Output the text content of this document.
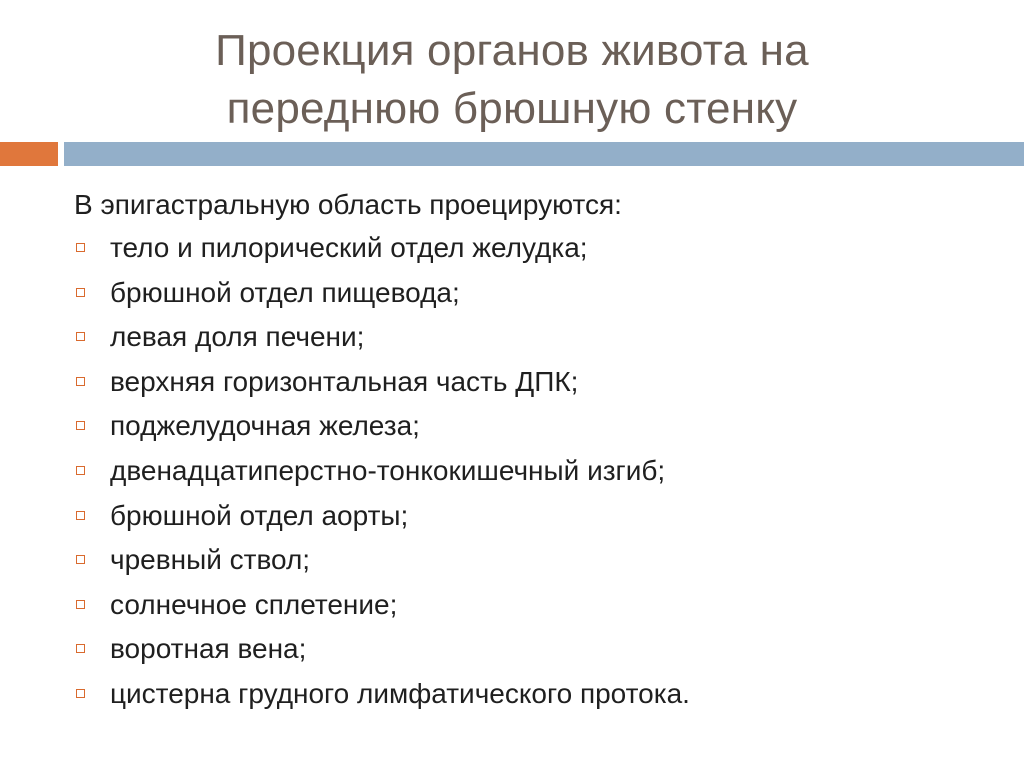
Проекция органов живота на
переднюю брюшную стенку
В эпигастральную область проецируются:
тело и пилорический отдел желудка;
брюшной отдел пищевода;
левая доля печени;
верхняя горизонтальная часть ДПК;
поджелудочная железа;
двенадцатиперстно-тонкокишечный изгиб;
брюшной отдел аорты;
чревный ствол;
солнечное сплетение;
воротная вена;
цистерна грудного лимфатического протока.
